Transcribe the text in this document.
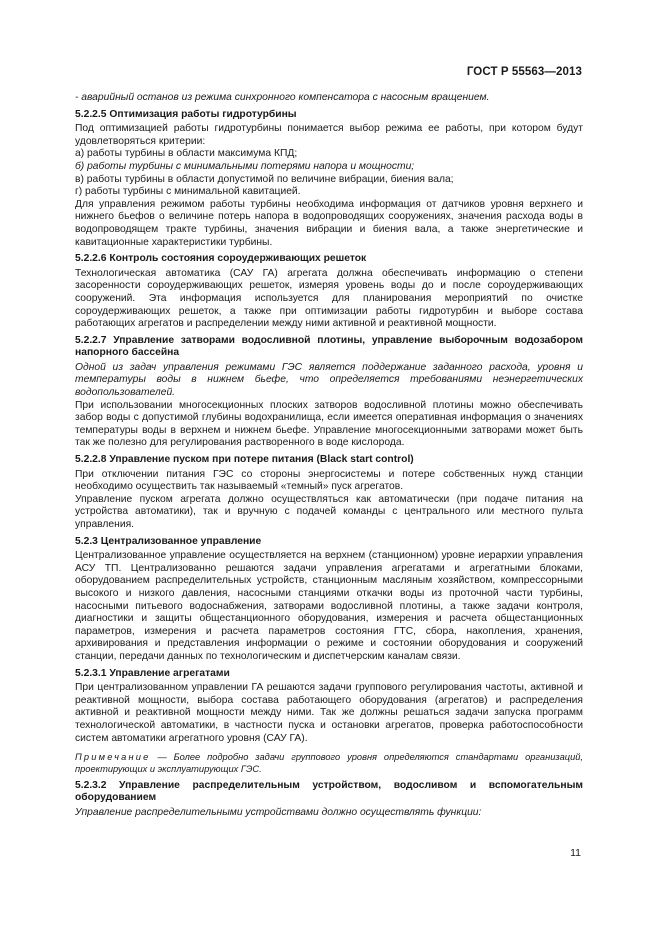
ГОСТ Р 55563—2013

- аварийный останов из режима синхронного компенсатора с насосным вращением.

5.2.2.5 Оптимизация работы гидротурбины

Под оптимизацией работы гидротурбины понимается выбор режима ее работы, при котором будут удовлетворяться критерии:

а) работы турбины в области максимума КПД;

б) работы турбины с минимальными потерями напора и мощности;

в) работы турбины в области допустимой по величине вибрации, биения вала;

г) работы турбины с минимальной кавитацией.

Для управления режимом работы турбины необходима информация от датчиков уровня верхнего и нижнего бьефов о величине потерь напора в водопроводящих сооружениях, значения расхода воды в водопроводящем тракте турбины, значения вибрации и биения вала, а также энергетические и кавитационные характеристики турбины.

5.2.2.6 Контроль состояния сороудерживающих решеток

Технологическая автоматика (САУ ГА) агрегата должна обеспечивать информацию о степени засоренности сороудерживающих решеток, измеряя уровень воды до и после сороудерживающих сооружений. Эта информация используется для планирования мероприятий по очистке сороудерживающих решеток, а также при оптимизации работы гидротурбин и выборе состава работающих агрегатов и распределении между ними активной и реактивной мощности.

5.2.2.7 Управление затворами водосливной плотины, управление выборочным водозабором напорного бассейна

Одной из задач управления режимами ГЭС является поддержание заданного расхода, уровня и температуры воды в нижнем бьефе, что определяется требованиями неэнергетических водопользователей.

При использовании многосекционных плоских затворов водосливной плотины можно обеспечивать забор воды с допустимой глубины водохранилища, если имеется оперативная информация о значениях температуры воды в верхнем и нижнем бьефе. Управление многосекционными затворами может быть так же полезно для регулирования растворенного в воде кислорода.

5.2.2.8 Управление пуском при потере питания (Black start control)

При отключении питания ГЭС со стороны энергосистемы и потере собственных нужд станции необходимо осуществить так называемый «темный» пуск агрегатов.

Управление пуском агрегата должно осуществляться как автоматически (при подаче питания на устройства автоматики), так и вручную с подачей команды с центрального или местного пульта управления.

5.2.3 Централизованное управление

Централизованное управление осуществляется на верхнем (станционном) уровне иерархии управления АСУ ТП. Централизованно решаются задачи управления агрегатами и агрегатными блоками, оборудованием распределительных устройств, станционным масляным хозяйством, компрессорными высокого и низкого давления, насосными станциями откачки воды из проточной части турбины, насосными питьевого водоснабжения, затворами водосливной плотины, а также задачи контроля, диагностики и защиты общестанционного оборудования, измерения и расчета общестанционных параметров, измерения и расчета параметров состояния ГТС, сбора, накопления, хранения, архивирования и представления информации о режиме и состоянии оборудования и сооружений станции, передачи данных по технологическим и диспетчерским каналам связи.

5.2.3.1 Управление агрегатами

При централизованном управлении ГА решаются задачи группового регулирования частоты, активной и реактивной мощности, выбора состава работающего оборудования (агрегатов) и распределения активной и реактивной мощности между ними. Так же должны решаться задачи запуска программ технологической автоматики, в частности пуска и остановки агрегатов, проверка работоспособности систем автоматики агрегатного уровня (САУ ГА).

Примечание — Более подробно задачи группового уровня определяются стандартами организаций, проектирующих и эксплуатирующих ГЭС.

5.2.3.2 Управление распределительным устройством, водосливом и вспомогательным оборудованием

Управление распределительными устройствами должно осуществлять функции:

11
